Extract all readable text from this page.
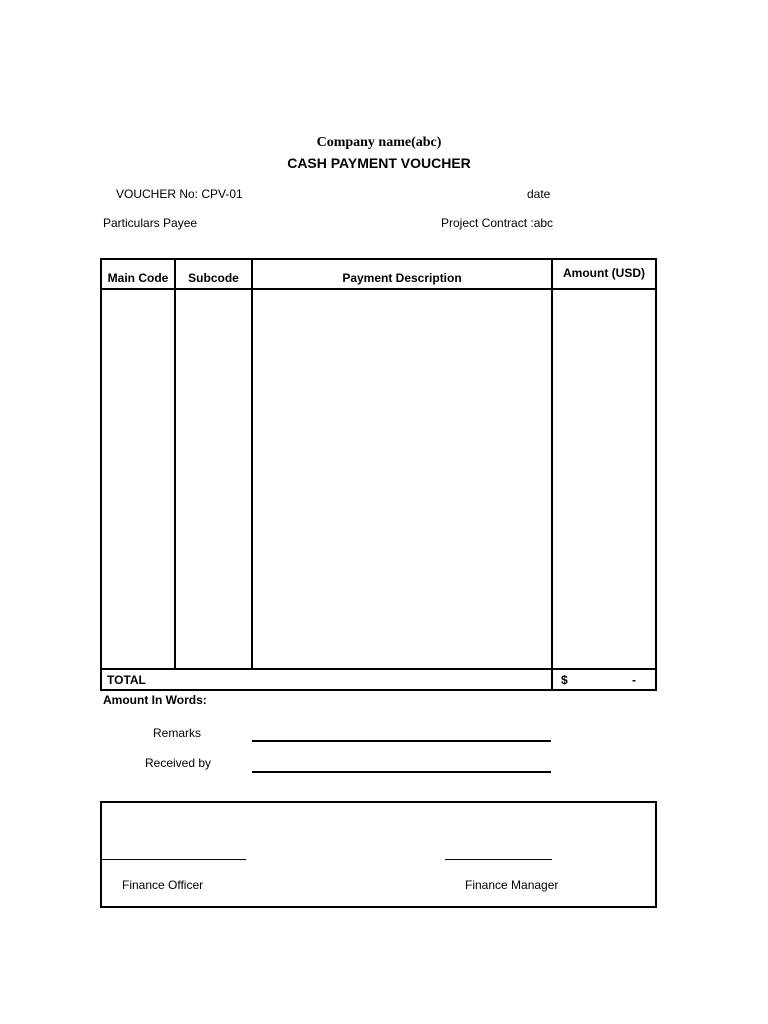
Company name(abc)
CASH PAYMENT VOUCHER
VOUCHER No: CPV-01	date
Particulars Payee	Project Contract :abc
Main Code	Subcode	Payment Description	Amount (USD)
TOTAL	$	-
Amount In Words:
Remarks
Received by
Finance Officer	Finance Manager
